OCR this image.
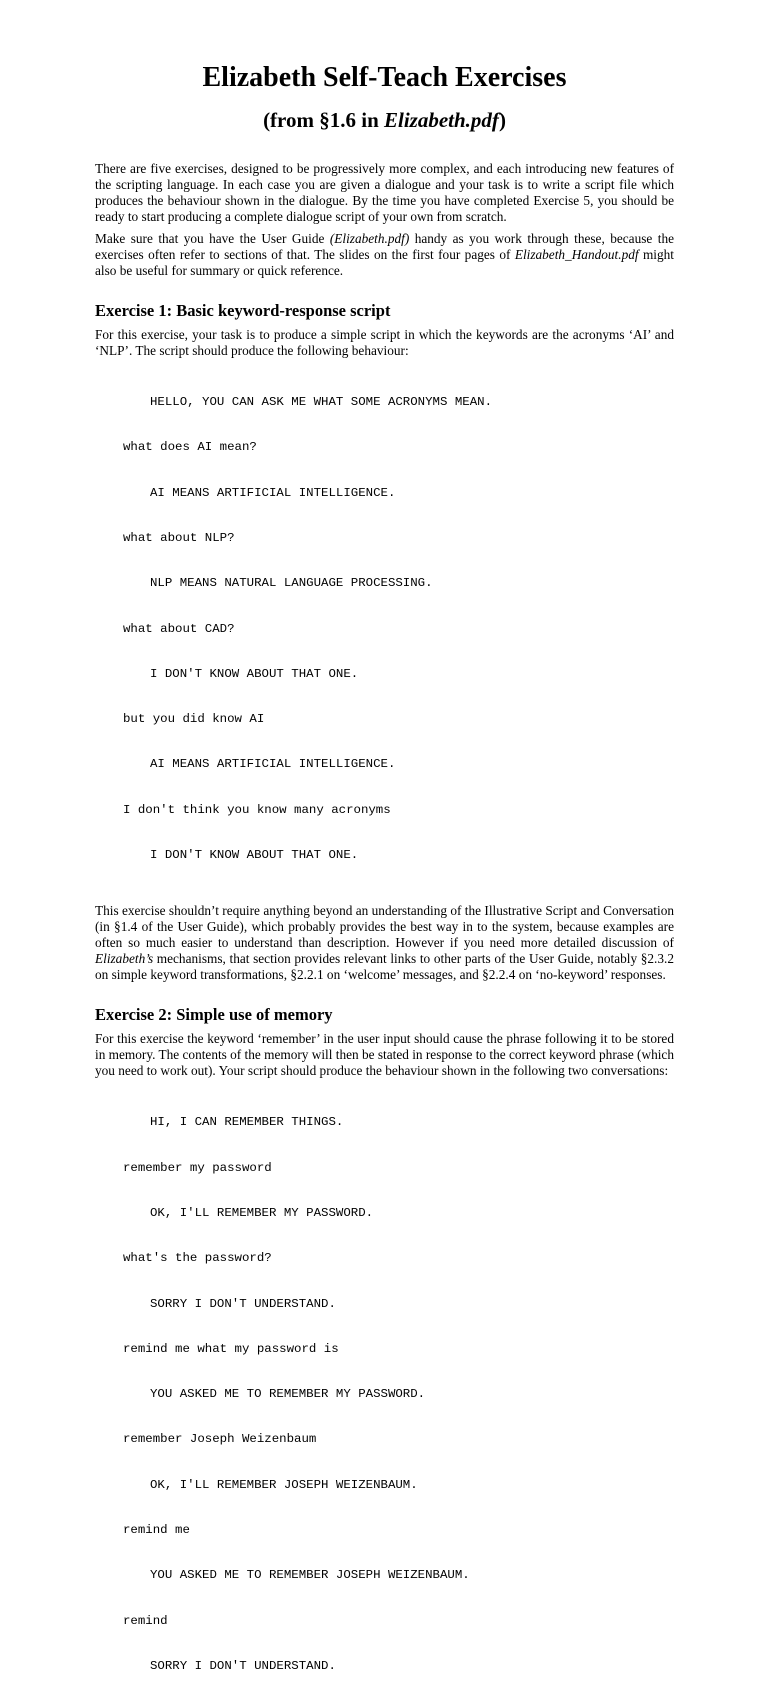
Elizabeth Self-Teach Exercises
(from §1.6 in Elizabeth.pdf)

There are five exercises, designed to be progressively more complex, and each introducing new features of the scripting language. In each case you are given a dialogue and your task is to write a script file which produces the behaviour shown in the dialogue. By the time you have completed Exercise 5, you should be ready to start producing a complete dialogue script of your own from scratch.

Make sure that you have the User Guide (Elizabeth.pdf) handy as you work through these, because the exercises often refer to sections of that. The slides on the first four pages of Elizabeth_Handout.pdf might also be useful for summary or quick reference.

Exercise 1: Basic keyword-response script

For this exercise, your task is to produce a simple script in which the keywords are the acronyms ‘AI’ and ‘NLP’. The script should produce the following behaviour:

HELLO, YOU CAN ASK ME WHAT SOME ACRONYMS MEAN.

what does AI mean?

AI MEANS ARTIFICIAL INTELLIGENCE.

what about NLP?

NLP MEANS NATURAL LANGUAGE PROCESSING.

what about CAD?

I DON'T KNOW ABOUT THAT ONE.

but you did know AI

AI MEANS ARTIFICIAL INTELLIGENCE.

I don't think you know many acronyms

I DON'T KNOW ABOUT THAT ONE.

This exercise shouldn’t require anything beyond an understanding of the Illustrative Script and Conversation (in §1.4 of the User Guide), which probably provides the best way in to the system, because examples are often so much easier to understand than description. However if you need more detailed discussion of Elizabeth’s mechanisms, that section provides relevant links to other parts of the User Guide, notably §2.3.2 on simple keyword transformations, §2.2.1 on ‘welcome’ messages, and §2.2.4 on ‘no-keyword’ responses.

Exercise 2: Simple use of memory

For this exercise the keyword ‘remember’ in the user input should cause the phrase following it to be stored in memory. The contents of the memory will then be stated in response to the correct keyword phrase (which you need to work out). Your script should produce the behaviour shown in the following two conversations:

HI, I CAN REMEMBER THINGS.

remember my password

OK, I'LL REMEMBER MY PASSWORD.

what's the password?

SORRY I DON'T UNDERSTAND.

remind me what my password is

YOU ASKED ME TO REMEMBER MY PASSWORD.

remember Joseph Weizenbaum

OK, I'LL REMEMBER JOSEPH WEIZENBAUM.

remind me

YOU ASKED ME TO REMEMBER JOSEPH WEIZENBAUM.

remind

SORRY I DON'T UNDERSTAND.
